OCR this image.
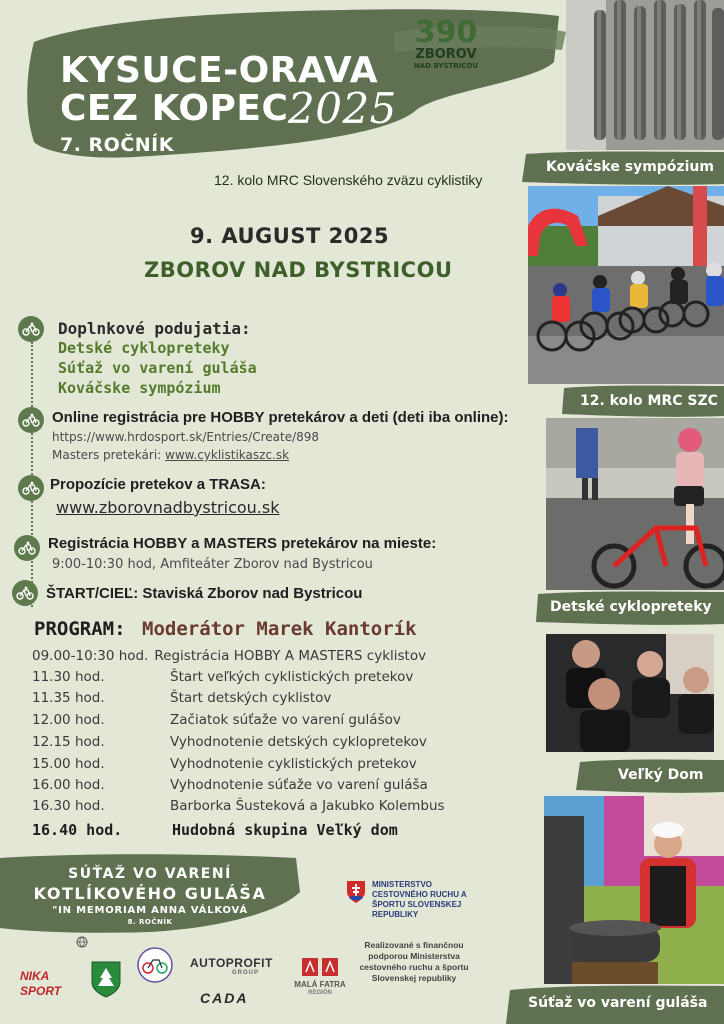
KYSUCE-ORAVA
CEZ KOPEC 2025
7. ROČNÍK
390
ZBOROV
NAD BYSTRICOU
12. kolo MRC Slovenského zväzu cyklistiky
9. AUGUST 2025
ZBOROV NAD BYSTRICOU
Doplnkové podujatia:
Detské cyklopreteky
Súťaž vo varení guláša
Kováčske sympózium
Online registrácia pre HOBBY pretekárov a deti (deti iba online):
https://www.hrdosport.sk/Entries/Create/898
Masters pretekári: www.cyklistikaszc.sk
Propozície pretekov a TRASA:
www.zborovnadbystricou.sk
Registrácia HOBBY a MASTERS pretekárov na mieste:
9:00-10:30 hod, Amfiteáter Zborov nad Bystricou
ŠTART/CIEĽ: Staviská Zborov nad Bystricou
PROGRAM: Moderátor Marek Kantorík
09.00-10:30 hod. Registrácia HOBBY A MASTERS cyklistov
11.30 hod.	Štart veľkých cyklistických pretekov
11.35 hod.	Štart detských cyklistov
12.00 hod.	Začiatok súťaže vo varení gulášov
12.15 hod.	Vyhodnotenie detských cyklopretekov
15.00 hod.	Vyhodnotenie cyklistických pretekov
16.00 hod.	Vyhodnotenie súťaže vo varení guláša
16.30 hod.	Barborka Šusteková a Jakubko Kolembus
16.40 hod.	Hudobná skupina Veľký dom
SÚŤAŽ VO VARENÍ
KOTLÍKOVÉHO GULÁŠA
"IN MEMORIAM ANNA VÁLKOVÁ
8. ROČNÍK
MINISTERSTVO CESTOVNÉHO RUCHU A ŠPORTU SLOVENSKEJ REPUBLIKY
Realizované s finančnou podporou Ministerstva cestovného ruchu a športu Slovenskej republiky
NIKA
SPORT
AUTOPROFIT
GROUP
CADA
MALÁ FATRA
REGIÓN
Kováčske sympózium
12. kolo MRC SZC
Detské cyklopreteky
Veľký Dom
Súťaž vo varení guláša
